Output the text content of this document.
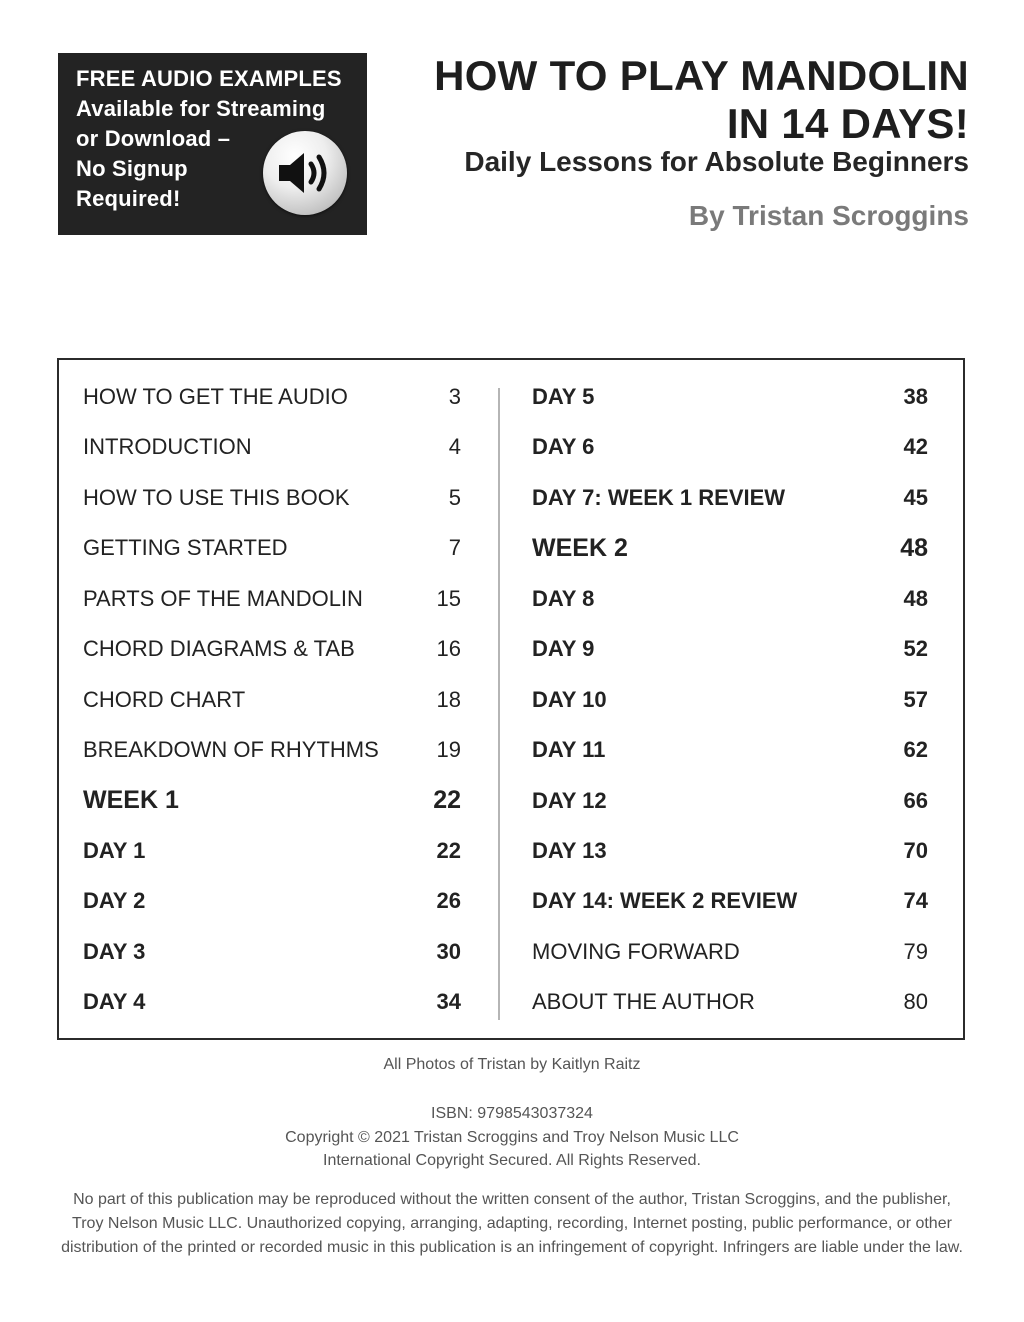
FREE AUDIO EXAMPLES
Available for Streaming
or Download –
No Signup
Required!
HOW TO PLAY MANDOLIN
IN 14 DAYS!
Daily Lessons for Absolute Beginners
By Tristan Scroggins
HOW TO GET THE AUDIO	3
INTRODUCTION	4
HOW TO USE THIS BOOK	5
GETTING STARTED	7
PARTS OF THE MANDOLIN	15
CHORD DIAGRAMS & TAB	16
CHORD CHART	18
BREAKDOWN OF RHYTHMS	19
WEEK 1	22
DAY 1	22
DAY 2	26
DAY 3	30
DAY 4	34
DAY 5	38
DAY 6	42
DAY 7: WEEK 1 REVIEW	45
WEEK 2	48
DAY 8	48
DAY 9	52
DAY 10	57
DAY 11	62
DAY 12	66
DAY 13	70
DAY 14: WEEK 2 REVIEW	74
MOVING FORWARD	79
ABOUT THE AUTHOR	80
All Photos of Tristan by Kaitlyn Raitz
ISBN: 9798543037324
Copyright © 2021 Tristan Scroggins and Troy Nelson Music LLC
International Copyright Secured. All Rights Reserved.
No part of this publication may be reproduced without the written consent of the author, Tristan Scroggins, and the publisher,
Troy Nelson Music LLC. Unauthorized copying, arranging, adapting, recording, Internet posting, public performance, or other
distribution of the printed or recorded music in this publication is an infringement of copyright. Infringers are liable under the law.
